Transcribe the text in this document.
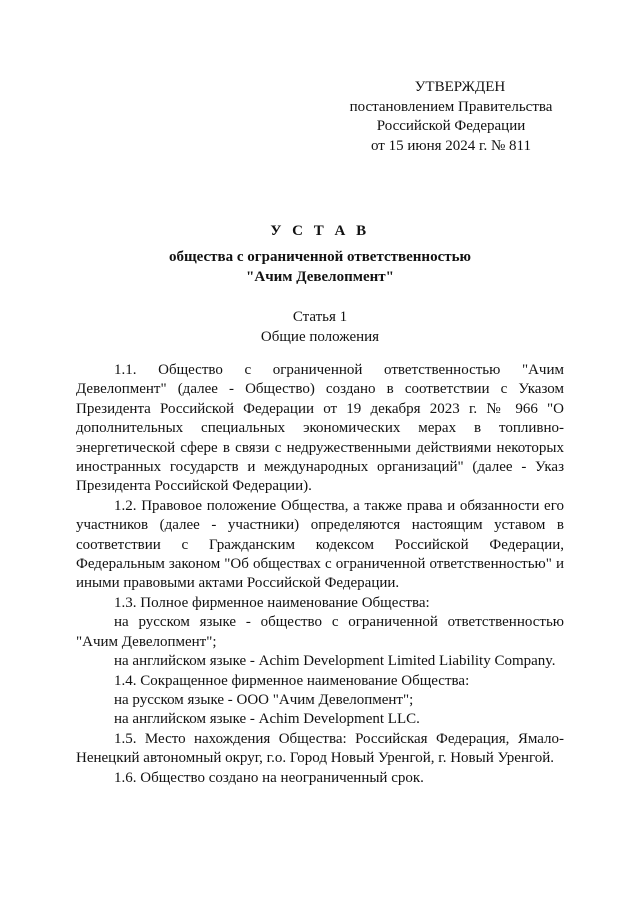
УТВЕРЖДЕН
постановлением Правительства
Российской Федерации
от 15 июня 2024 г. № 811
У С Т А В
общества с ограниченной ответственностью
"Ачим Девелопмент"
Статья 1
Общие положения

1.1. Общество с ограниченной ответственностью "Ачим Девелопмент" (далее - Общество) создано в соответствии с Указом Президента Российской Федерации от 19 декабря 2023 г. № 966 "О дополнительных специальных экономических мерах в топливно-энергетической сфере в связи с недружественными действиями некоторых иностранных государств и международных организаций" (далее - Указ Президента Российской Федерации).

1.2. Правовое положение Общества, а также права и обязанности его участников (далее - участники) определяются настоящим уставом в соответствии с Гражданским кодексом Российской Федерации, Федеральным законом "Об обществах с ограниченной ответственностью" и иными правовыми актами Российской Федерации.

1.3. Полное фирменное наименование Общества:

на русском языке - общество с ограниченной ответственностью "Ачим Девелопмент";

на английском языке - Achim Development Limited Liability Company.

1.4. Сокращенное фирменное наименование Общества:

на русском языке - ООО "Ачим Девелопмент";

на английском языке - Achim Development LLC.

1.5. Место нахождения Общества: Российская Федерация, Ямало-Ненецкий автономный округ, г.о. Город Новый Уренгой, г. Новый Уренгой.

1.6. Общество создано на неограниченный срок.
